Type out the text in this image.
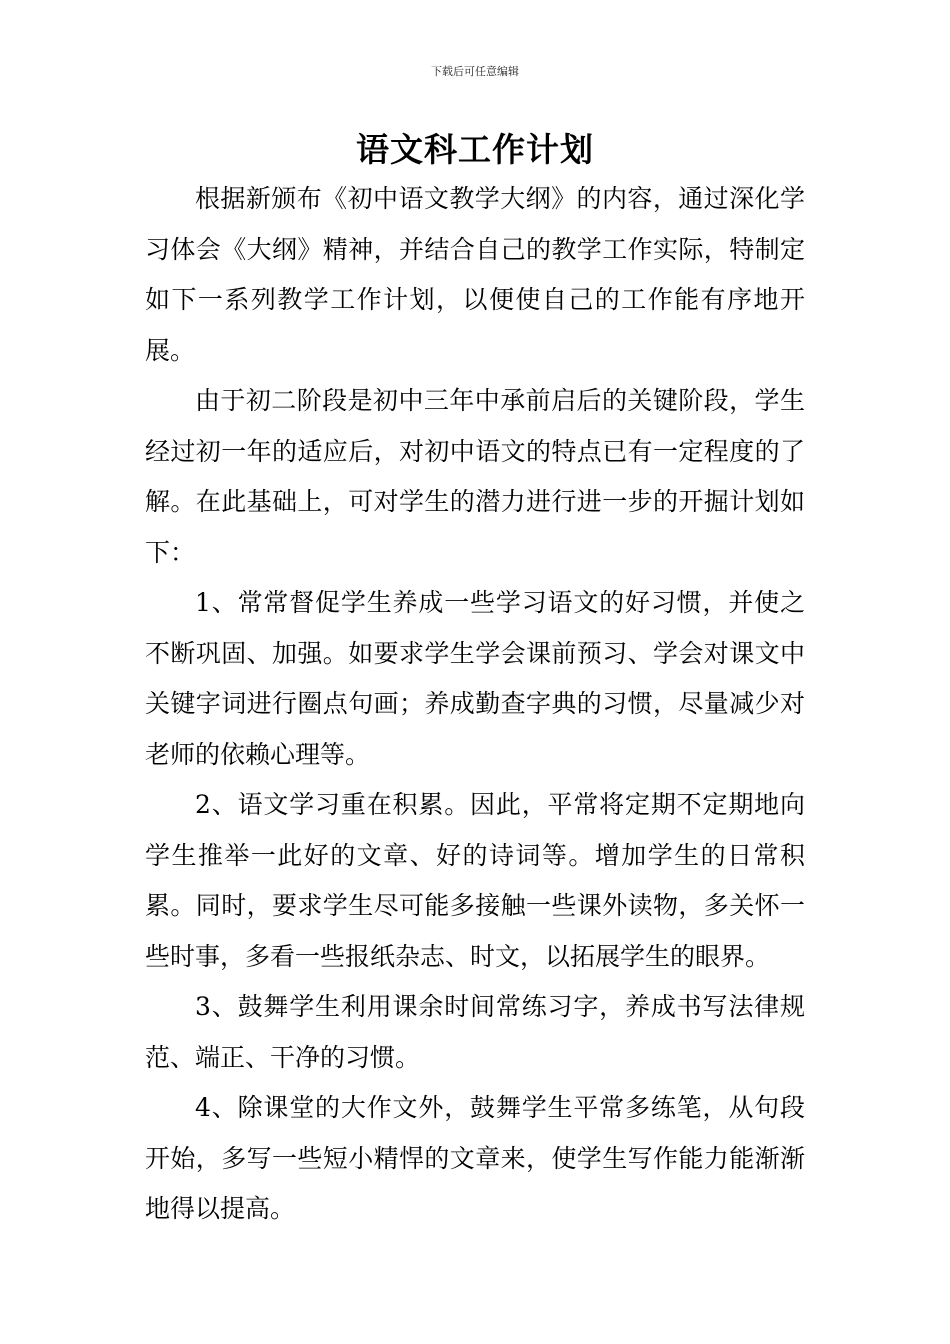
下载后可任意编辑
语文科工作计划

根据新颁布《初中语文教学大纲》的内容，通过深化学习体会《大纲》精神，并结合自己的教学工作实际，特制定如下一系列教学工作计划，以便使自己的工作能有序地开展。

由于初二阶段是初中三年中承前启后的关键阶段，学生经过初一年的适应后，对初中语文的特点已有一定程度的了解。在此基础上，可对学生的潜力进行进一步的开掘计划如下：

1、常常督促学生养成一些学习语文的好习惯，并使之不断巩固、加强。如要求学生学会课前预习、学会对课文中关键字词进行圈点句画；养成勤查字典的习惯，尽量减少对老师的依赖心理等。

2、语文学习重在积累。因此，平常将定期不定期地向学生推举一此好的文章、好的诗词等。增加学生的日常积累。同时，要求学生尽可能多接触一些课外读物，多关怀一些时事，多看一些报纸杂志、时文，以拓展学生的眼界。

3、鼓舞学生利用课余时间常练习字，养成书写法律规范、端正、干净的习惯。

4、除课堂的大作文外，鼓舞学生平常多练笔，从句段开始，多写一些短小精悍的文章来，使学生写作能力能渐渐地得以提高。
